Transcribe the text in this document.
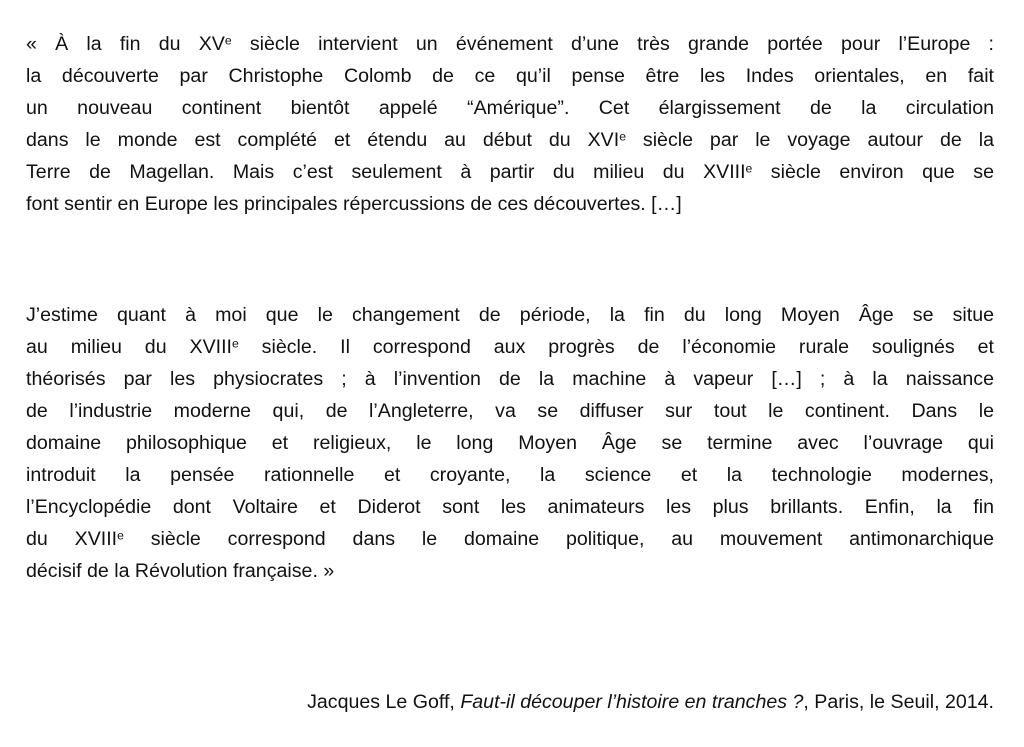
« À la fin du XVe siècle intervient un événement d’une très grande portée pour l’Europe :
la découverte par Christophe Colomb de ce qu’il pense être les Indes orientales, en fait
un nouveau continent bientôt appelé “Amérique”. Cet élargissement de la circulation
dans le monde est complété et étendu au début du XVIe siècle par le voyage autour de la
Terre de Magellan. Mais c’est seulement à partir du milieu du XVIIIe siècle environ que se
font sentir en Europe les principales répercussions de ces découvertes. […]
J’estime quant à moi que le changement de période, la fin du long Moyen Âge se situe
au milieu du XVIIIe siècle. Il correspond aux progrès de l’économie rurale soulignés et
théorisés par les physiocrates ; à l’invention de la machine à vapeur […] ; à la naissance
de l’industrie moderne qui, de l’Angleterre, va se diffuser sur tout le continent. Dans le
domaine philosophique et religieux, le long Moyen Âge se termine avec l’ouvrage qui
introduit la pensée rationnelle et croyante, la science et la technologie modernes,
l’Encyclopédie dont Voltaire et Diderot sont les animateurs les plus brillants. Enfin, la fin
du XVIIIe siècle correspond dans le domaine politique, au mouvement antimonarchique
décisif de la Révolution française. »
Jacques Le Goff, Faut-il découper l’histoire en tranches ?, Paris, le Seuil, 2014.
